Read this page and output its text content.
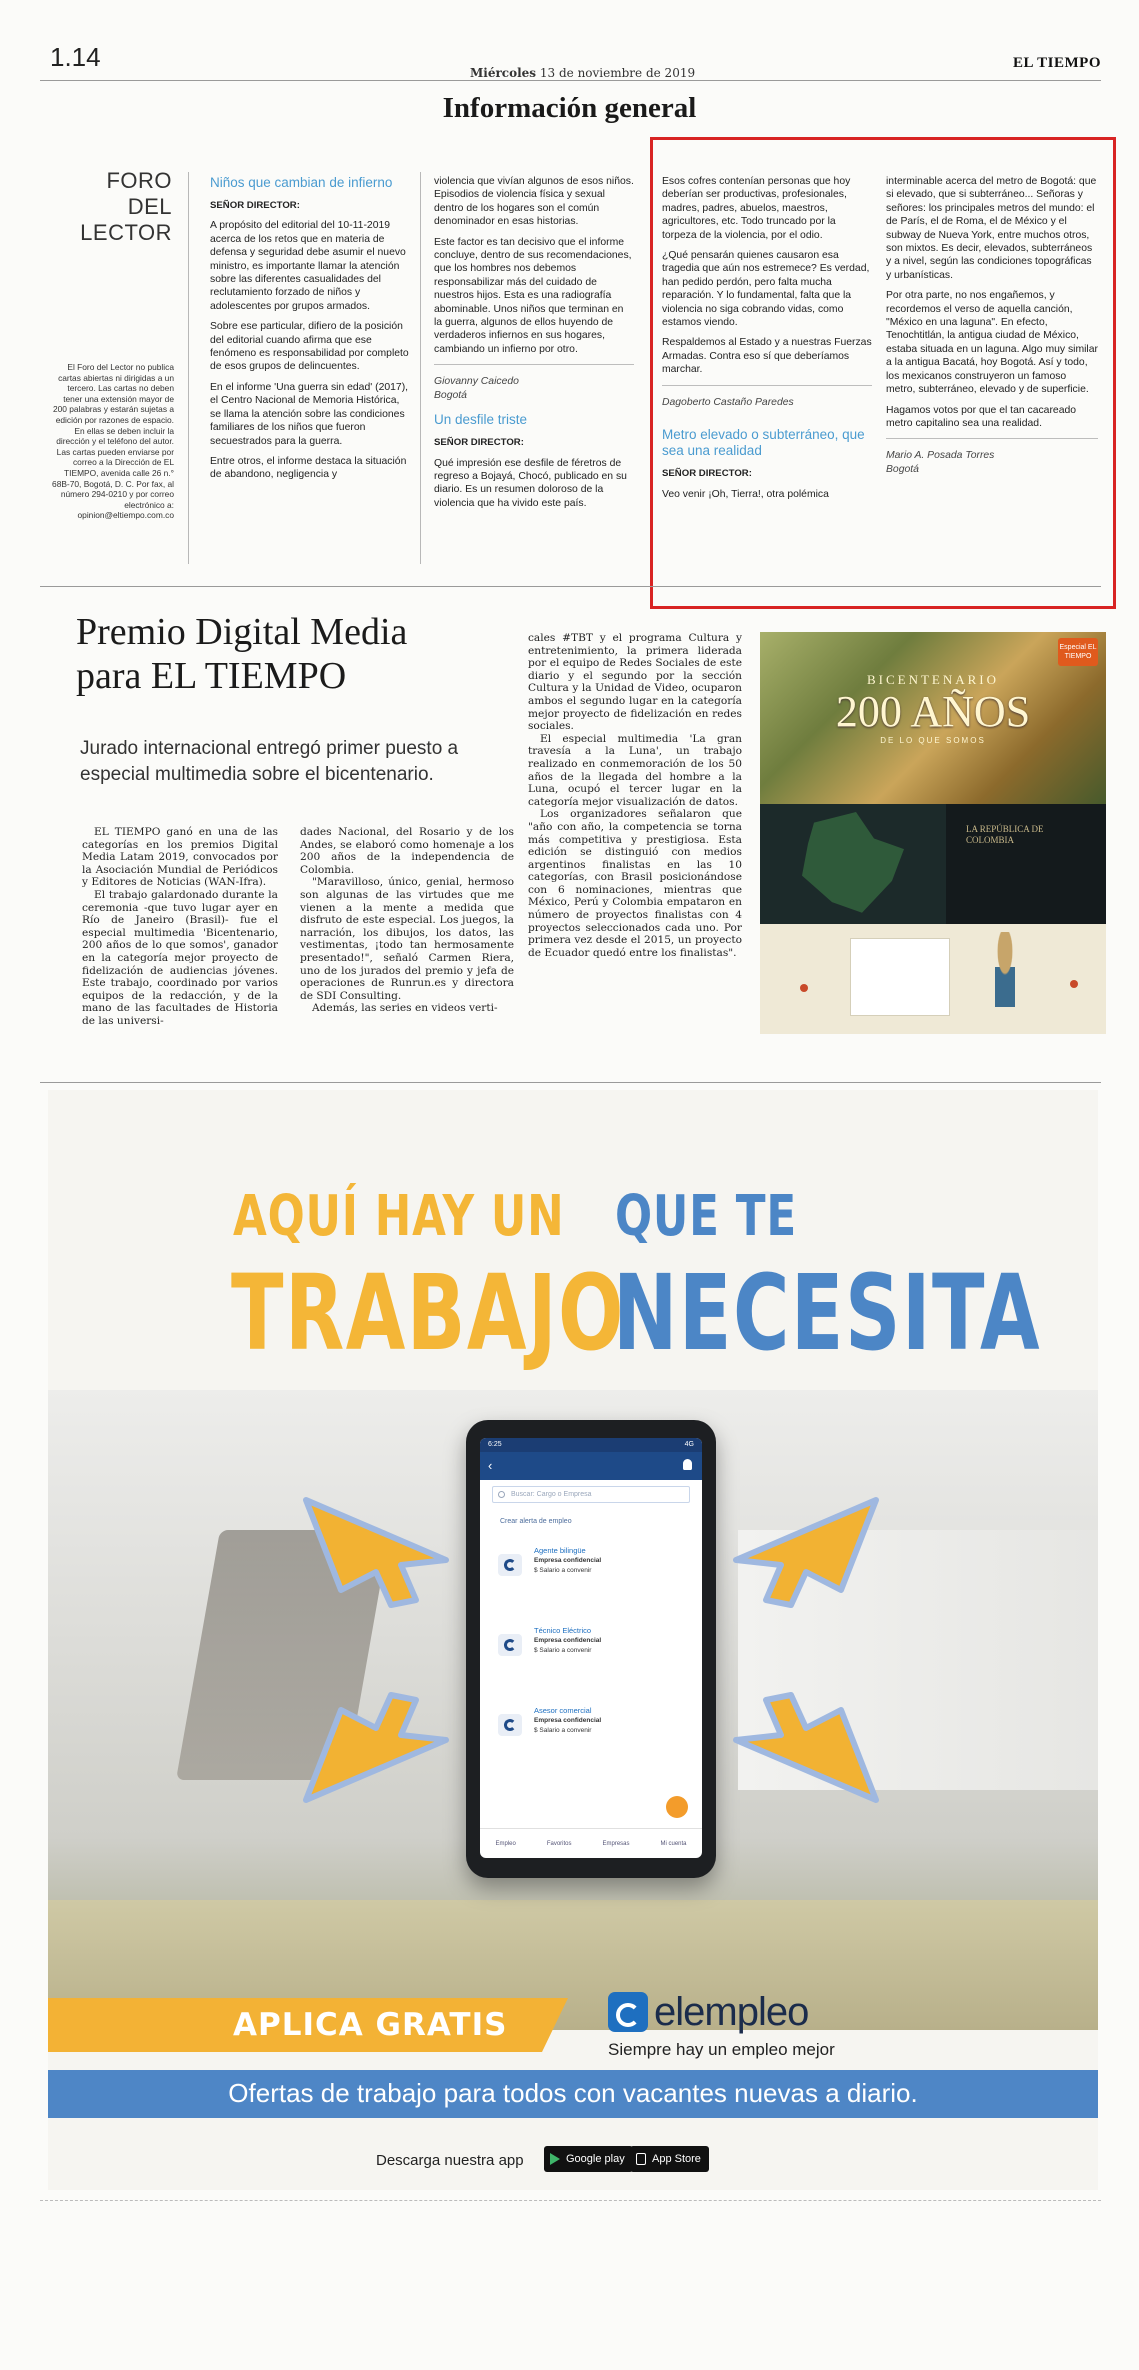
1.14
Miércoles 13 de noviembre de 2019
EL TIEMPO
Información general
FORO DEL
LECTOR
El Foro del Lector no publica cartas abiertas ni dirigidas a un tercero. Las cartas no deben tener una extensión mayor de 200 palabras y estarán sujetas a edición por razones de espacio. En ellas se deben incluir la dirección y el teléfono del autor. Las cartas pueden enviarse por correo a la Dirección de EL TIEMPO, avenida calle 26 n.° 68B-70, Bogotá, D. C. Por fax, al número 294-0210 y por correo electrónico a: opinion@eltiempo.com.co
Niños que cambian de infierno

SEÑOR DIRECTOR:

A propósito del editorial del 10-11-2019 acerca de los retos que en materia de defensa y seguridad debe asumir el nuevo ministro, es importante llamar la atención sobre las diferentes casualidades del reclutamiento forzado de niños y adolescentes por grupos armados.

Sobre ese particular, difiero de la posición del editorial cuando afirma que ese fenómeno es responsabilidad por completo de esos grupos de delincuentes.

En el informe 'Una guerra sin edad' (2017), el Centro Nacional de Memoria Histórica, se llama la atención sobre las condiciones familiares de los niños que fueron secuestrados para la guerra.

Entre otros, el informe destaca la situación de abandono, negligencia y

violencia que vivían algunos de esos niños. Episodios de violencia física y sexual dentro de los hogares son el común denominador en esas historias.

Este factor es tan decisivo que el informe concluye, dentro de sus recomendaciones, que los hombres nos debemos responsabilizar más del cuidado de nuestros hijos. Esta es una radiografía abominable. Unos niños que terminan en la guerra, algunos de ellos huyendo de verdaderos infiernos en sus hogares, cambiando un infierno por otro.

Giovanny Caicedo

Bogotá

Un desfile triste

SEÑOR DIRECTOR:

Qué impresión ese desfile de féretros de regreso a Bojayá, Chocó, publicado en su diario. Es un resumen doloroso de la violencia que ha vivido este país.

Esos cofres contenían personas que hoy deberían ser productivas, profesionales, madres, padres, abuelos, maestros, agricultores, etc. Todo truncado por la torpeza de la violencia, por el odio.

¿Qué pensarán quienes causaron esa tragedia que aún nos estremece? Es verdad, han pedido perdón, pero falta mucha reparación. Y lo fundamental, falta que la violencia no siga cobrando vidas, como estamos viendo.

Respaldemos al Estado y a nuestras Fuerzas Armadas. Contra eso sí que deberíamos marchar.

Dagoberto Castaño Paredes

Metro elevado o subterráneo, que sea una realidad

SEÑOR DIRECTOR:

Veo venir ¡Oh, Tierra!, otra polémica

interminable acerca del metro de Bogotá: que si elevado, que si subterráneo... Señoras y señores: los principales metros del mundo: el de París, el de Roma, el de México y el subway de Nueva York, entre muchos otros, son mixtos. Es decir, elevados, subterráneos y a nivel, según las condiciones topográficas y urbanísticas.

Por otra parte, no nos engañemos, y recordemos el verso de aquella canción, "México en una laguna". En efecto, Tenochtitlán, la antigua ciudad de México, estaba situada en un laguna. Algo muy similar a la antigua Bacatá, hoy Bogotá. Así y todo, los mexicanos construyeron un famoso metro, subterráneo, elevado y de superficie.

Hagamos votos por que el tan cacareado metro capitalino sea una realidad.

Mario A. Posada Torres

Bogotá

Premio Digital Media
para EL TIEMPO
Jurado internacional entregó primer puesto a especial multimedia sobre el bicentenario.

EL TIEMPO ganó en una de las categorías en los premios Digital Media Latam 2019, convocados por la Asociación Mundial de Periódicos y Editores de Noticias (WAN-Ifra).

El trabajo galardonado durante la ceremonia -que tuvo lugar ayer en Río de Janeiro (Brasil)- fue el especial multimedia 'Bicentenario, 200 años de lo que somos', ganador en la categoría mejor proyecto de fidelización de audiencias jóvenes. Este trabajo, coordinado por varios equipos de la redacción, y de la mano de las facultades de Historia de las universi-

dades Nacional, del Rosario y de los Andes, se elaboró como homenaje a los 200 años de la independencia de Colombia.

"Maravilloso, único, genial, hermoso son algunas de las virtudes que me vienen a la mente a medida que disfruto de este especial. Los juegos, la narración, los dibujos, los datos, las vestimentas, ¡todo tan hermosamente presentado!", señaló Carmen Riera, uno de los jurados del premio y jefa de operaciones de Runrun.es y directora de SDI Consulting.

Además, las series en videos verti-

cales #TBT y el programa Cultura y entretenimiento, la primera liderada por el equipo de Redes Sociales de este diario y el segundo por la sección Cultura y la Unidad de Video, ocuparon ambos el segundo lugar en la categoría mejor proyecto de fidelización en redes sociales.

El especial multimedia 'La gran travesía a la Luna', un trabajo realizado en conmemoración de los 50 años de la llegada del hombre a la Luna, ocupó el tercer lugar en la categoría mejor visualización de datos.

Los organizadores señalaron que "año con año, la competencia se torna más competitiva y prestigiosa. Esta edición se distinguió con medios argentinos finalistas en las 10 categorías, con Brasil posicionándose con 6 nominaciones, mientras que México, Perú y Colombia empataron en número de proyectos finalistas con 4 proyectos seleccionados cada uno. Por primera vez desde el 2015, un proyecto de Ecuador quedó entre los finalistas".

Especial EL TIEMPO
BICENTENARIO
200 AÑOS
DE LO QUE SOMOS
LA REPÚBLICA DE COLOMBIA
AQUÍ HAY UN QUE TE
TRABAJO
NECESITA
6:25	4G
‹
Buscar: Cargo o Empresa
Crear alerta de empleo
Agente bilingüe
Empresa confidencial
$ Salario a convenir
Técnico Eléctrico
Empresa confidencial
$ Salario a convenir
Asesor comercial
Empresa confidencial
$ Salario a convenir
Empleo	Favoritos	Empresas	Mi cuenta
APLICA GRATIS	elempleo
Siempre hay un empleo mejor
Ofertas de trabajo para todos con vacantes nuevas a diario.
Descarga nuestra app	Google play	App Store
